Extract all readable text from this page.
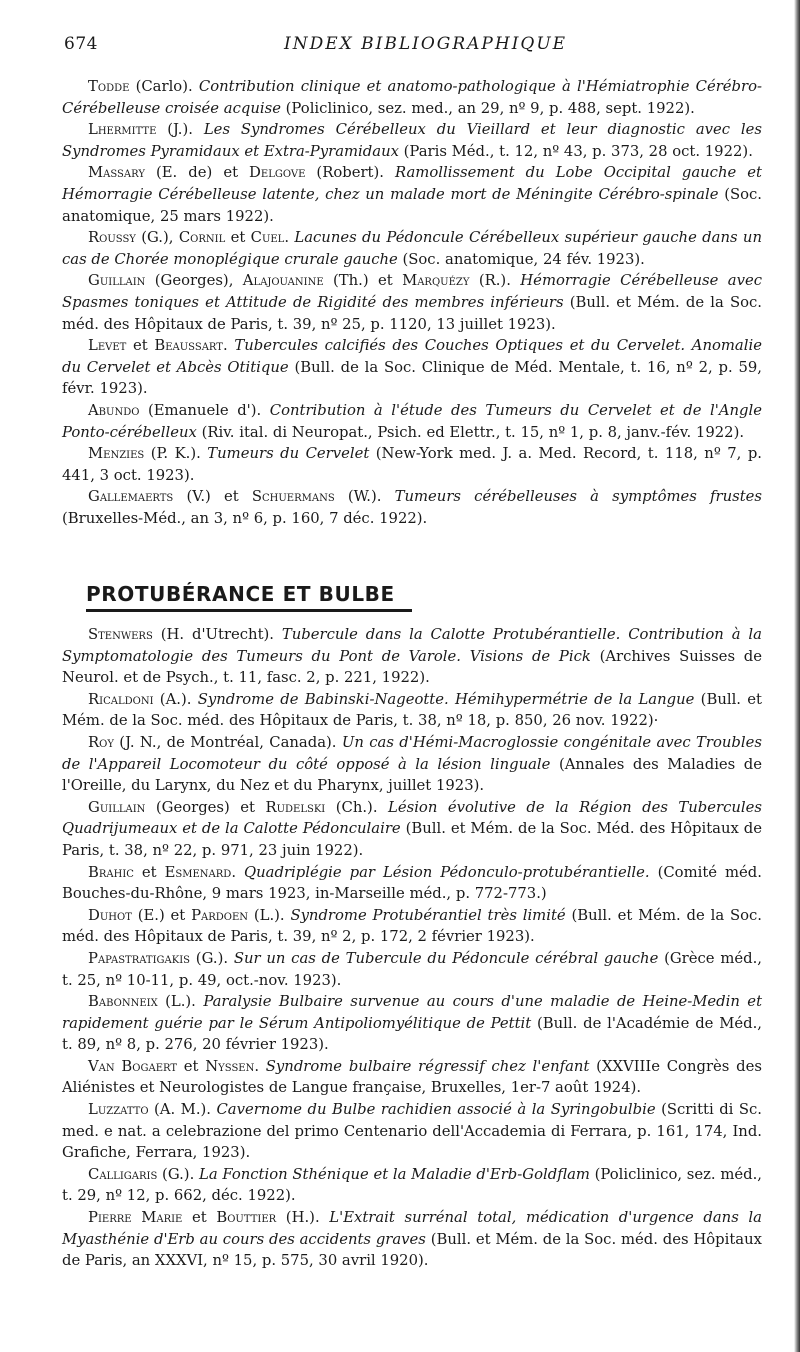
674	INDEX BIBLIOGRAPHIQUE

Todde (Carlo). Contribution clinique et anatomo-pathologique à l'Hémiatrophie Cérébro-Cérébelleuse croisée acquise (Policlinico, sez. med., an 29, nº 9, p. 488, sept. 1922).

Lhermitte (J.). Les Syndromes Cérébelleux du Vieillard et leur diagnostic avec les Syndromes Pyramidaux et Extra-Pyramidaux (Paris Méd., t. 12, nº 43, p. 373, 28 oct. 1922).

Massary (E. de) et Delgove (Robert). Ramollissement du Lobe Occipital gauche et Hémorragie Cérébelleuse latente, chez un malade mort de Méningite Cérébro-spinale (Soc. anatomique, 25 mars 1922).

Roussy (G.), Cornil et Cuel. Lacunes du Pédoncule Cérébelleux supérieur gauche dans un cas de Chorée monoplégique crurale gauche (Soc. anatomique, 24 fév. 1923).

Guillain (Georges), Alajouanine (Th.) et Marquézy (R.). Hémorragie Cérébelleuse avec Spasmes toniques et Attitude de Rigidité des membres inférieurs (Bull. et Mém. de la Soc. méd. des Hôpitaux de Paris, t. 39, nº 25, p. 1120, 13 juillet 1923).

Levet et Beaussart. Tubercules calcifiés des Couches Optiques et du Cervelet. Anomalie du Cervelet et Abcès Otitique (Bull. de la Soc. Clinique de Méd. Mentale, t. 16, nº 2, p. 59, févr. 1923).

Abundo (Emanuele d'). Contribution à l'étude des Tumeurs du Cervelet et de l'Angle Ponto-cérébelleux (Riv. ital. di Neuropat., Psich. ed Elettr., t. 15, nº 1, p. 8, janv.-fév. 1922).

Menzies (P. K.). Tumeurs du Cervelet (New-York med. J. a. Med. Record, t. 118, nº 7, p. 441, 3 oct. 1923).

Gallemaerts (V.) et Schuermans (W.). Tumeurs cérébelleuses à symptômes frustes (Bruxelles-Méd., an 3, nº 6, p. 160, 7 déc. 1922).

PROTUBÉRANCE ET BULBE

Stenwers (H. d'Utrecht). Tubercule dans la Calotte Protubérantielle. Contribution à la Symptomatologie des Tumeurs du Pont de Varole. Visions de Pick (Archives Suisses de Neurol. et de Psych., t. 11, fasc. 2, p. 221, 1922).

Ricaldoni (A.). Syndrome de Babinski-Nageotte. Hémihypermétrie de la Langue (Bull. et Mém. de la Soc. méd. des Hôpitaux de Paris, t. 38, nº 18, p. 850, 26 nov. 1922)·

Roy (J. N., de Montréal, Canada). Un cas d'Hémi-Macroglossie congénitale avec Troubles de l'Appareil Locomoteur du côté opposé à la lésion linguale (Annales des Maladies de l'Oreille, du Larynx, du Nez et du Pharynx, juillet 1923).

Guillain (Georges) et Rudelski (Ch.). Lésion évolutive de la Région des Tubercules Quadrijumeaux et de la Calotte Pédonculaire (Bull. et Mém. de la Soc. Méd. des Hôpitaux de Paris, t. 38, nº 22, p. 971, 23 juin 1922).

Brahic et Esmenard. Quadriplégie par Lésion Pédonculo-protubérantielle. (Comité méd. Bouches-du-Rhône, 9 mars 1923, in-Marseille méd., p. 772-773.)

Duhot (E.) et Pardoen (L.). Syndrome Protubérantiel très limité (Bull. et Mém. de la Soc. méd. des Hôpitaux de Paris, t. 39, nº 2, p. 172, 2 février 1923).

Papastratigakis (G.). Sur un cas de Tubercule du Pédoncule cérébral gauche (Grèce méd., t. 25, nº 10-11, p. 49, oct.-nov. 1923).

Babonneix (L.). Paralysie Bulbaire survenue au cours d'une maladie de Heine-Medin et rapidement guérie par le Sérum Antipoliomyélitique de Pettit (Bull. de l'Académie de Méd., t. 89, nº 8, p. 276, 20 février 1923).

Van Bogaert et Nyssen. Syndrome bulbaire régressif chez l'enfant (XXVIIIe Congrès des Aliénistes et Neurologistes de Langue française, Bruxelles, 1er-7 août 1924).

Luzzatto (A. M.). Cavernome du Bulbe rachidien associé à la Syringobulbie (Scritti di Sc. med. e nat. a celebrazione del primo Centenario dell'Accademia di Ferrara, p. 161, 174, Ind. Grafiche, Ferrara, 1923).

Calligaris (G.). La Fonction Sthénique et la Maladie d'Erb-Goldflam (Policlinico, sez. méd., t. 29, nº 12, p. 662, déc. 1922).

Pierre Marie et Bouttier (H.). L'Extrait surrénal total, médication d'urgence dans la Myasthénie d'Erb au cours des accidents graves (Bull. et Mém. de la Soc. méd. des Hôpitaux de Paris, an XXXVI, nº 15, p. 575, 30 avril 1920).
